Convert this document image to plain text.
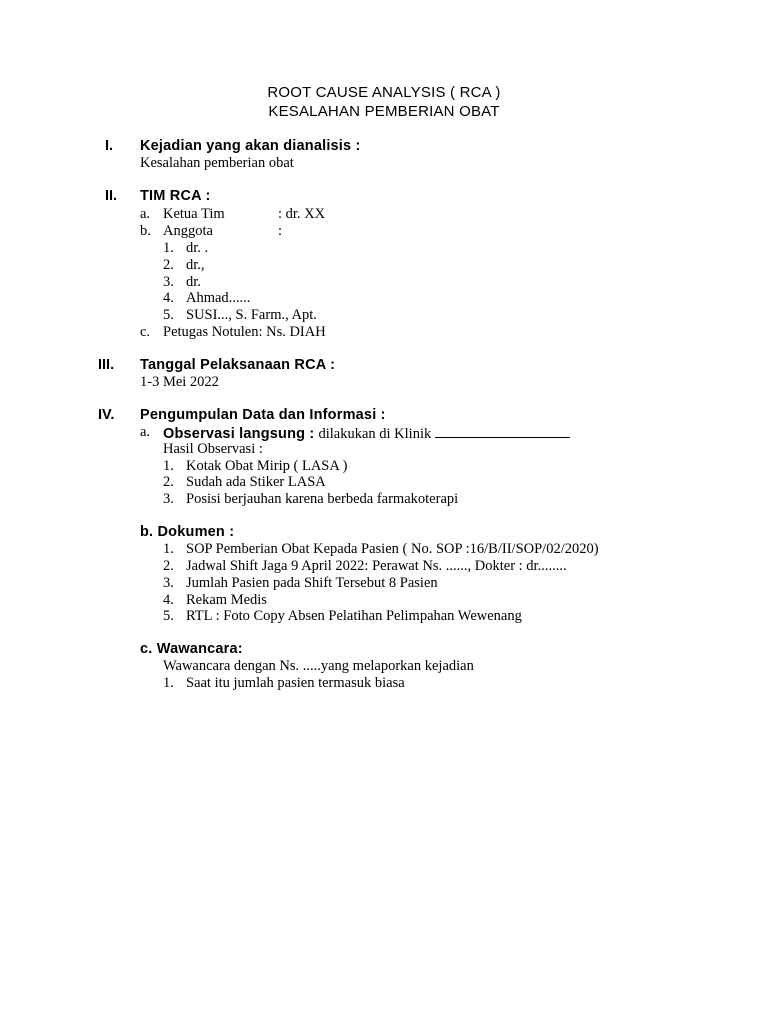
ROOT CAUSE ANALYSIS ( RCA )
KESALAHAN PEMBERIAN OBAT
I. Kejadian yang akan dianalisis :
Kesalahan pemberian obat
II. TIM RCA :
a. Ketua Tim	: dr. XX
b. Anggota	:
1. dr. .
2. dr.,
3. dr.
4. Ahmad......
5. SUSI..., S. Farm., Apt.
c. Petugas Notulen: Ns. DIAH
III. Tanggal Pelaksanaan RCA :
1-3 Mei 2022
IV. Pengumpulan Data dan Informasi :
a. Observasi langsung : dilakukan di Klinik
Hasil Observasi :
1. Kotak Obat Mirip ( LASA )
2. Sudah ada Stiker LASA
3. Posisi berjauhan karena berbeda farmakoterapi
b. Dokumen :
1. SOP Pemberian Obat Kepada Pasien ( No. SOP :16/B/II/SOP/02/2020)
2. Jadwal Shift Jaga 9 April 2022: Perawat Ns. ......, Dokter : dr........
3. Jumlah Pasien pada Shift Tersebut 8 Pasien
4. Rekam Medis
5. RTL : Foto Copy Absen Pelatihan Pelimpahan Wewenang
c. Wawancara:
Wawancara dengan Ns. .....yang melaporkan kejadian
1. Saat itu jumlah pasien termasuk biasa
